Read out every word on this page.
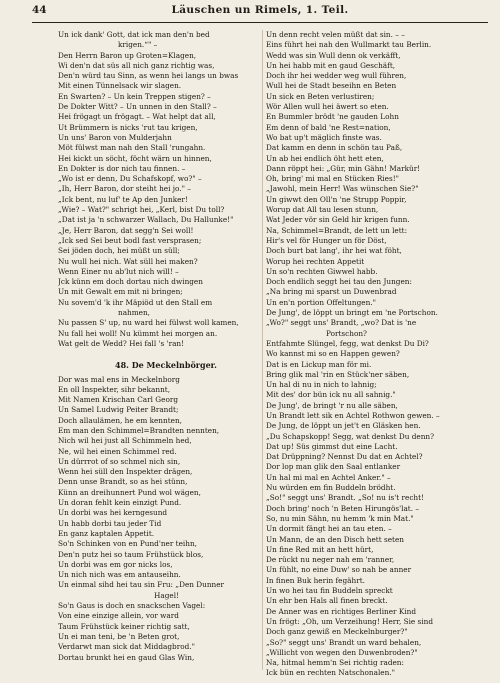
44	Läuschen un Rimels, 1. Teil.
Un ick dank' Gott, dat ick man den'n bed
krigen.“" –
Den Herrn Baron up Groten=Klagen,
Wi den'n dat süs all nich ganz richtig was,
Den'n würd tau Sinn, as wenn hei langs un bwas
Mit einen Tünnelsack wir slagen.
En Swarten? – Un kein Treppen stigen? –
De Dokter Witt? – Un unnen in den Stall? –
Hei frögagt un frögagt. – Wat helpt dat all,
Ut Brümmern is nicks 'rut tau krigen,
Un uns' Baron von Mulderjahn
Möt fülwst man nah den Stall 'rungahn.
Hei kickt un söcht, föcht wärn un hinnen,
En Dokter is dor nich tau finnen. –
„Wo ist er denn, Du Schafskopf, wo?" –
„Ih, Herr Baron, dor steiht hei jo." –
„Ick bent, nu luf' te Ap den Junker!
„Wie? – Wat?" schrigt hei, „Kerl, bist Du toll?
„Dat ist ja 'n schwarzer Wallach, Du Hallunke!"
„Je, Herr Baron, dat segg'n Sei woll!
„Ick sed Sei beut bodl fast versprasen;
Sei jöden doch, hei müßt un süll;
Nu wull hei nich. Wat süll hei maken?
Wenn Einer nu ab'lut nich will! –
Jck künn em doch dortau nich dwingen
Un mit Gewalt em mit ni bringen;
Nu sovem'd 'k ihr Mäpiöd ut den Stall em
nahmen,
Nu passen S' up, nu ward hei fülwst woll kamen,
Nu fall hei woll! Nu kümmt hei morgen an.
Wat gelt de Wedd? Hei fall 's 'ran!
48. De Meckelnbörger.
Dor was mal ens in Meckelnborg
En oll Inspekter, sihr bekannt,
Mit Namen Krischan Carl Georg
Un Samel Ludwig Peiter Brandt;
Doch allaulämen, he em kennten,
Em man den Schimmel=Brandten nennten,
Nich wil hei just all Schimmeln hed,
Ne, wil hei einen Schimmel red.
Un dürrrot of so schmel nich sin,
Wenn hei süll den Inspekter drägen,
Denn unse Brandt, so as hei stünn,
Künn an dreihunnert Pund wol wägen,
Un doran fehlt kein einzigt Pund.
Un dorbi was hei kerngesund
Un habb dorbi tau jeder Tid
En ganz kaptalen Appetit.
So'n Schinken von en Pund'ner teihn,
Den'n putz hei so taum Frühstück blos,
Un dorbi was em gor nicks los,
Un nich nich was em antauseihn.
Un einmal sihd hei tau sin Fru: „Den Dunner
Hagel!
So'n Gaus is doch en snackschen Vagel:
Von eine einzige allein, vor ward
Taum Frühstück keiner richtig satt,
Un ei man teni, be 'n Beten grot,
Verdarwt man sick dat Middagbrod."
Dortau brunkt hei en gaud Glas Win,
Un denn recht velen müßt dat sin. – –
Eins führt hei nah den Wullmarkt tau Berlin.
Wedd was sin Wull denn ok verkäfft,
Un hei habb mit en gaud Geschäft,
Doch ihr hei wedder weg wull führen,
Wull hei de Stadt beseihn en Beten
Un sick en Beten verlustiren;
Wör Allen wull hei äwert so eten.
En Bummler brödt 'ne gauden Lohn
Em denn of bald 'ne Rest=nation,
Wo bat up't mäglich finste was.
Dat kamm en denn in schön tau Paß,
Un ab hei endlich öht hett eten,
Dann röppt hei: „Gür, min Gähn! Markür!
Oh, bring' mi mal en Stücken Ries!"
„Jawohl, mein Herr! Was wünschen Sie?"
Un giwwt den Oll'n 'ne Strupp Poppir,
Worup dat All tau lesen stunn,
Wat Jeder vör sin Geld hir krigen funn.
Na, Schimmel=Brandt, de lett un lett:
Hir's vel för Hunger un för Döst,
Doch burt bat lang', ihr hei wat föht,
Worup hei rechten Appetit
Un so'n rechten Giwwel habb.
Doch endlich seggt hei tau den Jungen:
„Na bring mi sparst un Duwenbrad
Un en'n portion Offeltungen."
De Jung', de löppt un bringt em 'ne Portschon.
„Wo?" seggt uns' Brandt, „wo? Dat is 'ne
Portschon?
Entfahmte Slüngel, fegg, wat denkst Du Di?
Wo kannst mi so en Happen gewen?
Dat is en Lickup man för mi.
Bring glik mal 'rin en Stück'ner säben,
Un hal di nu in nich to lahnig;
Mit des' dor bün ick nu all sahnig."
De Jung', de bringt 'r nu alle säben,
Un Brandt lett sik en Achtel Rothwon gewen. –
De Jung, de löppt un jet't en Gläsken hen.
„Du Schapskopp! Segg, wat denkst Du denn?
Dat up! Süs gimmst dut eine Lacht.
Dat Drüppning? Nennst Du dat en Achtel?
Dor lop man glik den Saal entlanker
Un hal mi mal en Achtel Anker." –
Nu würden em fin Buddeln brödht.
„So!" seggt uns' Brandt. „So! nu is't recht!
Doch bring' noch 'n Beten Hirungös'lat. –
So, nu min Sähn, nu hemm 'k min Mat."
Un dormit fängt hei an tau eten. –
Un Mann, de an den Disch hett seten
Un fine Red mit an hett hürt,
De rückt nu neger nah em 'ranner,
Un fühlt, no eine Duw' so nah be anner
In finen Buk herin fegährt.
Un wo hei tau fin Buddeln spreckt
Un ehr ben Hals all finen breckt.
De Anner was en richtiges Berliner Kind
Un frögt: „Oh, um Verzeihung! Herr, Sie sind
Doch ganz gewiß en Meckelnburger?"
„So?" seggt uns' Brandt un ward behalen,
„Willicht von wegen den Duwenbroden?"
Na, hitmal hemm'n Sei richtig raden:
Ick bün en rechten Natschonalen."
